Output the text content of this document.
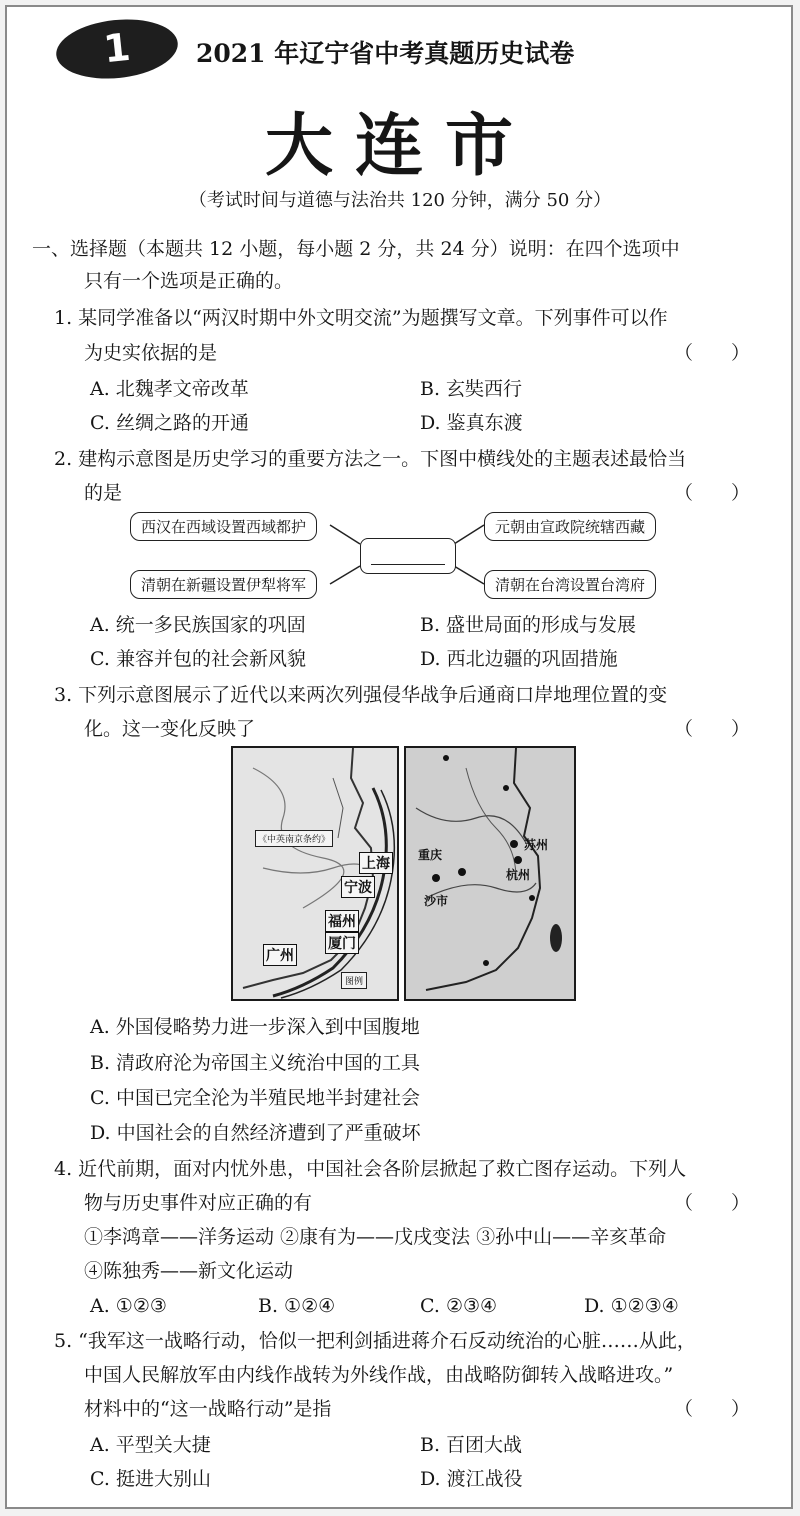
1	2021 年辽宁省中考真题历史试卷
大连市
（考试时间与道德与法治共 120 分钟，满分 50 分）
一、选择题（本题共 12 小题，每小题 2 分，共 24 分）说明：在四个选项中
只有一个选项是正确的。
1. 某同学准备以“两汉时期中外文明交流”为题撰写文章。下列事件可以作
为史实依据的是	（　　）
A. 北魏孝文帝改革	B. 玄奘西行
C. 丝绸之路的开通	D. 鉴真东渡
2. 建构示意图是历史学习的重要方法之一。下图中横线处的主题表述最恰当
的是	（　　）
西汉在西域设置西域都护	元朝由宣政院统辖西藏
清朝在新疆设置伊犁将军	清朝在台湾设置台湾府
A. 统一多民族国家的巩固	B. 盛世局面的形成与发展
C. 兼容并包的社会新风貌	D. 西北边疆的巩固措施
3. 下列示意图展示了近代以来两次列强侵华战争后通商口岸地理位置的变
化。这一变化反映了	（　　）
《中英南京条约》
上海
宁波
福州
厦门
广州
图例
重庆
苏州
杭州
沙市
A. 外国侵略势力进一步深入到中国腹地
B. 清政府沦为帝国主义统治中国的工具
C. 中国已完全沦为半殖民地半封建社会
D. 中国社会的自然经济遭到了严重破坏
4. 近代前期，面对内忧外患，中国社会各阶层掀起了救亡图存运动。下列人
物与历史事件对应正确的有	（　　）
①李鸿章——洋务运动 ②康有为——戊戌变法 ③孙中山——辛亥革命
④陈独秀——新文化运动
A. ①②③	B. ①②④	C. ②③④	D. ①②③④
5. “我军这一战略行动，恰似一把利剑插进蒋介石反动统治的心脏……从此，
中国人民解放军由内线作战转为外线作战，由战略防御转入战略进攻。”
材料中的“这一战略行动”是指	（　　）
A. 平型关大捷	B. 百团大战
C. 挺进大别山	D. 渡江战役
